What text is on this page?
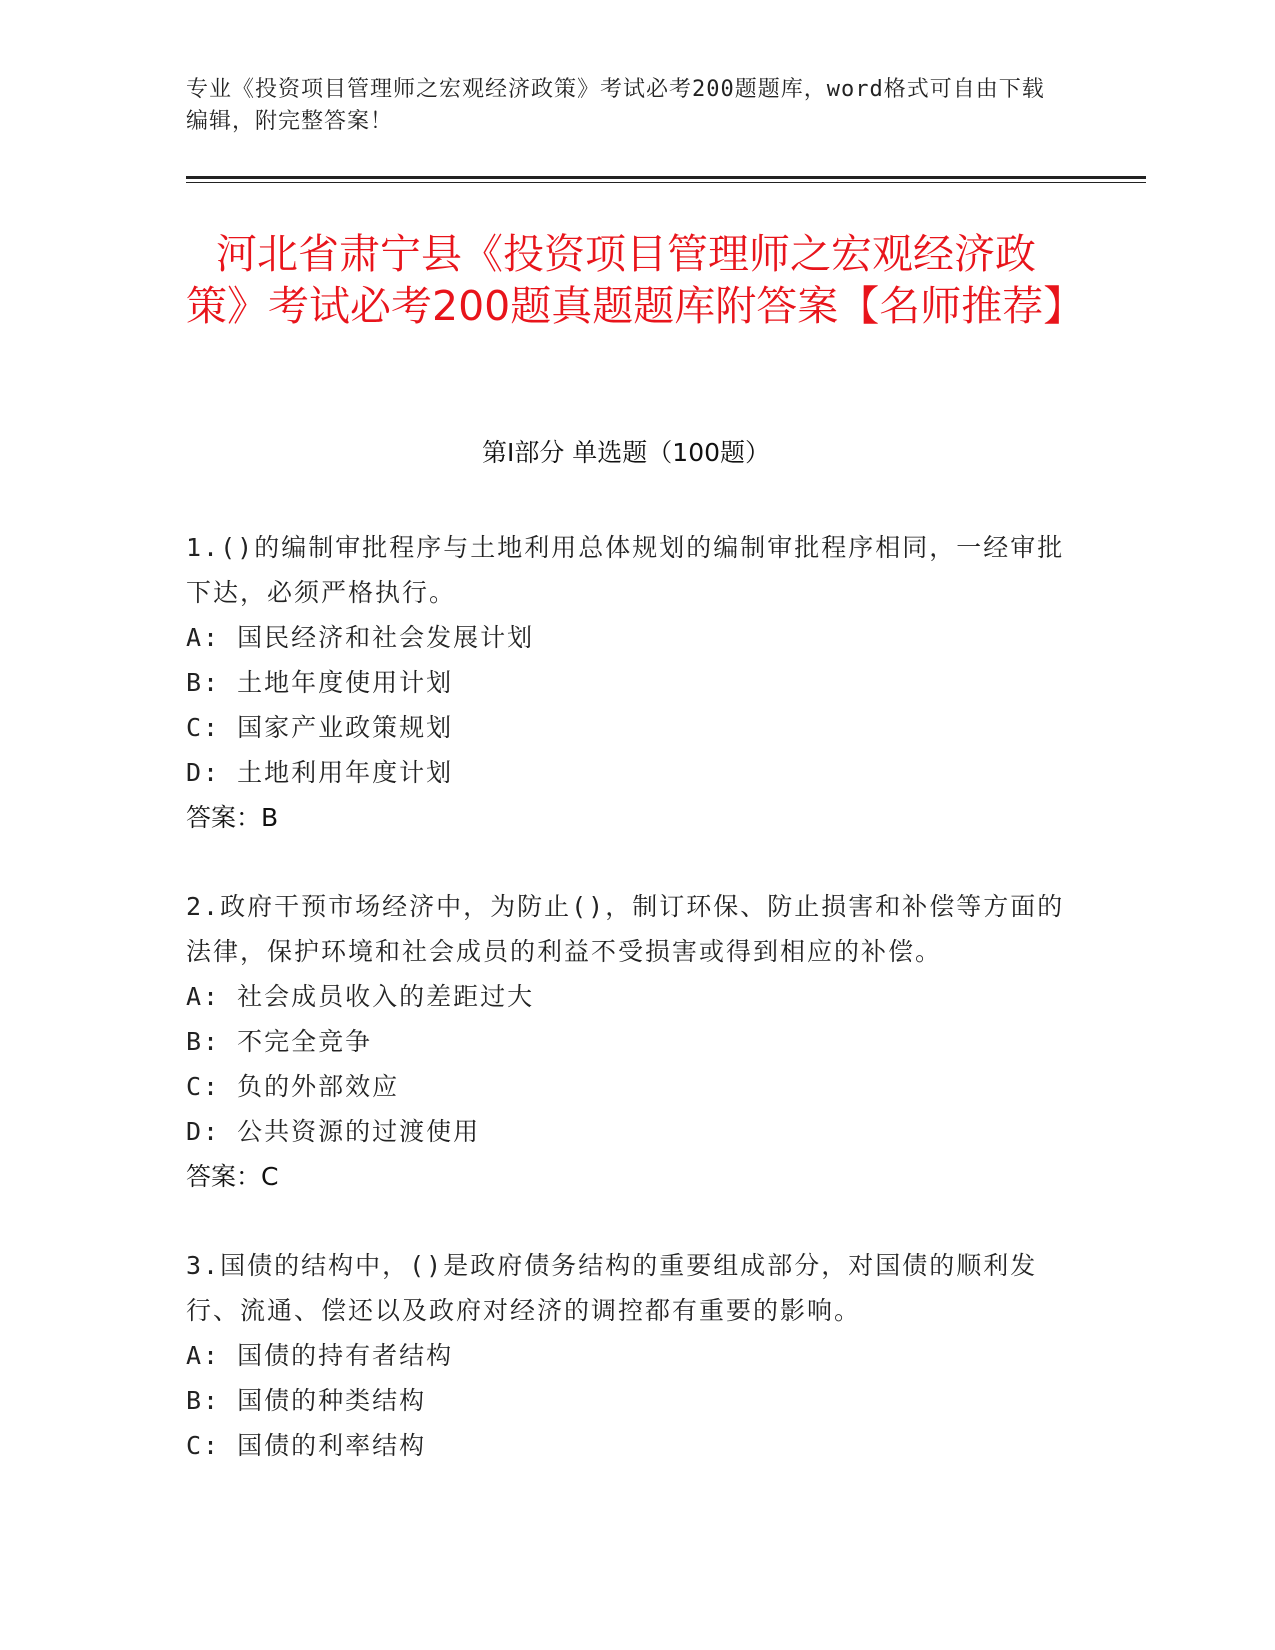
专业《投资项目管理师之宏观经济政策》考试必考200题题库，word格式可自由下载编辑，附完整答案！
河北省肃宁县《投资项目管理师之宏观经济政策》考试必考200题真题题库附答案【名师推荐】
第I部分 单选题（100题）
1.()的编制审批程序与土地利用总体规划的编制审批程序相同，一经审批下达，必须严格执行。
A: 国民经济和社会发展计划
B: 土地年度使用计划
C: 国家产业政策规划
D: 土地利用年度计划
答案：B
2.政府干预市场经济中，为防止()，制订环保、防止损害和补偿等方面的法律，保护环境和社会成员的利益不受损害或得到相应的补偿。
A: 社会成员收入的差距过大
B: 不完全竞争
C: 负的外部效应
D: 公共资源的过渡使用
答案：C
3.国债的结构中，()是政府债务结构的重要组成部分，对国债的顺利发行、流通、偿还以及政府对经济的调控都有重要的影响。
A: 国债的持有者结构
B: 国债的种类结构
C: 国债的利率结构
